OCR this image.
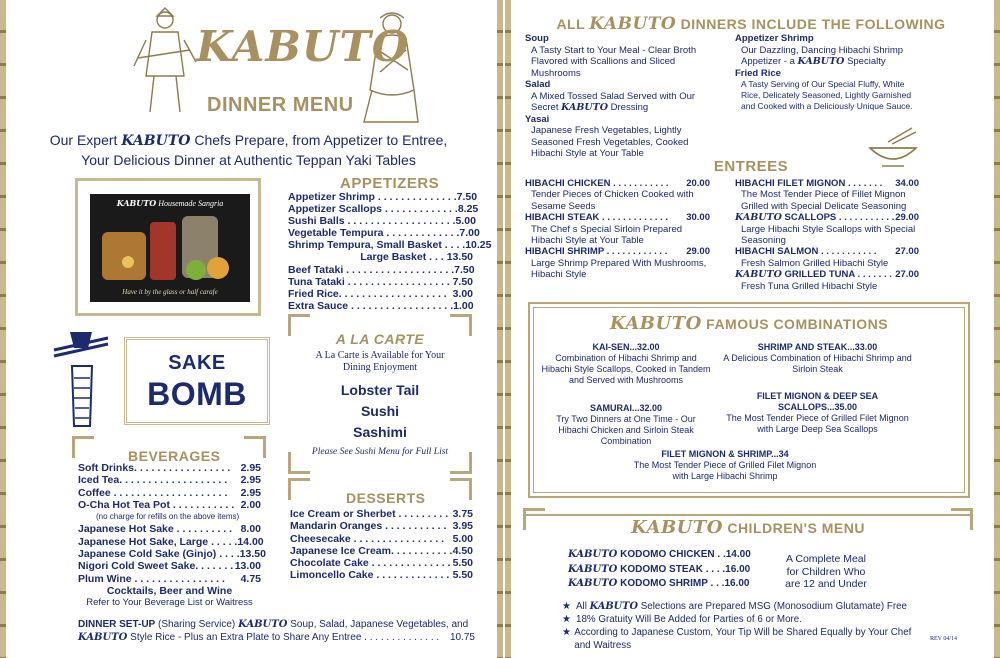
KABUTO
DINNER MENU
Our Expert KABUTO Chefs Prepare, from Appetizer to Entree,
Your Delicious Dinner at Authentic Teppan Yaki Tables
KABUTO Housemade Sangria
Have it by the glass or half carafe
APPETIZERS
Appetizer Shrimp . . . . . . . . . . . . . . 7.50
Appetizer Scallops . . . . . . . . . . . . . 8.25
Sushi Balls . . . . . . . . . . . . . . . . . . . 5.00
Vegetable Tempura . . . . . . . . . . . . . 7.00
Shrimp Tempura, Small Basket . . . . 10.25
Large Basket . . . 13.50
Beef Tataki . . . . . . . . . . . . . . . . . . . 7.50
Tuna Tataki . . . . . . . . . . . . . . . . . . 7.50
Fried Rice. . . . . . . . . . . . . . . . . . . 3.00
Extra Sauce . . . . . . . . . . . . . . . . . . 1.00
SAKE
BOMB
A LA CARTE
A La Carte is Available for Your Dining Enjoyment
Lobster Tail
Sushi
Sashimi
Please See Sushi Menu for Full List
BEVERAGES
Soft Drinks. . . . . . . . . . . . . . . . . 2.95
Iced Tea. . . . . . . . . . . . . . . . . . . 2.95
Coffee . . . . . . . . . . . . . . . . . . . . 2.95
O-Cha Hot Tea Pot . . . . . . . . . . . 2.00
(no charge for refills on the above items)
Japanese Hot Sake . . . . . . . . . . 8.00
Japanese Hot Sake, Large . . . . . 14.00
Japanese Cold Sake (Ginjo) . . . . 13.50
Nigori Cold Sweet Sake. . . . . . . 13.00
Plum Wine . . . . . . . . . . . . . . . . 4.75
Cocktails, Beer and Wine
Refer to Your Beverage List or Waitress
DESSERTS
Ice Cream or Sherbet . . . . . . . . . 3.75
Mandarin Oranges . . . . . . . . . . . 3.95
Cheesecake . . . . . . . . . . . . . . . . 5.00
Japanese Ice Cream. . . . . . . . . . . 4.50
Chocolate Cake . . . . . . . . . . . . . . 5.50
Limoncello Cake . . . . . . . . . . . . . 5.50
DINNER SET-UP (Sharing Service) KABUTO Soup, Salad, Japanese Vegetables, and
KABUTO Style Rice - Plus an Extra Plate to Share Any Entree . . . . . . . . . . . . . . 10.75
ALL KABUTO DINNERS INCLUDE THE FOLLOWING
Soup
A Tasty Start to Your Meal - Clear Broth Flavored with Scallions and Sliced Mushrooms
Salad
A Mixed Tossed Salad Served with Our Secret KABUTO Dressing
Yasai
Japanese Fresh Vegetables, Lightly Seasoned Fresh Vegetables, Cooked Hibachi Style at Your Table
Appetizer Shrimp
Our Dazzling, Dancing Hibachi Shrimp Appetizer - a KABUTO Specialty
Fried Rice
A Tasty Serving of Our Special Fluffy, White Rice, Delicately Seasoned, Lightly Garnished and Cooked with a Deliciously Unique Sauce.
ENTREES
HIBACHI CHICKEN . . . . . . . . . . . 20.00
Tender Pieces of Chicken Cooked with Sesame Seeds
HIBACHI STEAK . . . . . . . . . . . . . 30.00
The Chef s Special Sirloin Prepared Hibachi Style at Your Table
HIBACHI SHRIMP . . . . . . . . . . . . 29.00
Large Shrimp Prepared With Mushrooms, Hibachi Style
HIBACHI FILET MIGNON . . . . . . . 34.00
The Most Tender Piece of Fillet Mignon Grilled with Special Delicate Seasoning
KABUTO SCALLOPS . . . . . . . . . . . 29.00
Large Hibachi Style Scallops with Special Seasoning
HIBACHI SALMON . . . . . . . . . . . 27.00
Fresh Salmon Grilled Hibachi Style
KABUTO GRILLED TUNA . . . . . . . 27.00
Fresh Tuna Grilled Hibachi Style
KABUTO FAMOUS COMBINATIONS
KAI-SEN...32.00
Combination of Hibachi Shrimp and Hibachi Style Scallops, Cooked in Tandem and Served with Mushrooms
SHRIMP AND STEAK...33.00
A Delicious Combination of Hibachi Shrimp and Sirloin Steak
SAMURAI...32.00
Try Two Dinners at One Time - Our Hibachi Chicken and Sirloin Steak Combination
FILET MIGNON & DEEP SEA SCALLOPS...35.00
The Most Tender Piece of Grilled Filet Mignon with Large Deep Sea Scallops
FILET MIGNON & SHRIMP...34
The Most Tender Piece of Grilled Filet Mignon with Large Hibachi Shrimp
KABUTO CHILDREN'S MENU
KABUTO KODOMO CHICKEN . . 14.00
KABUTO KODOMO STEAK . . . . 16.00
KABUTO KODOMO SHRIMP . . . 16.00
A Complete Meal for Children Who are 12 and Under
★ All KABUTO Selections are Prepared MSG (Monosodium Glutamate) Free
★ 18% Gratuity Will Be Added for Parties of 6 or More.
★ According to Japanese Custom, Your Tip Will be Shared Equally by Your Chef and Waitress
REV 04/14
